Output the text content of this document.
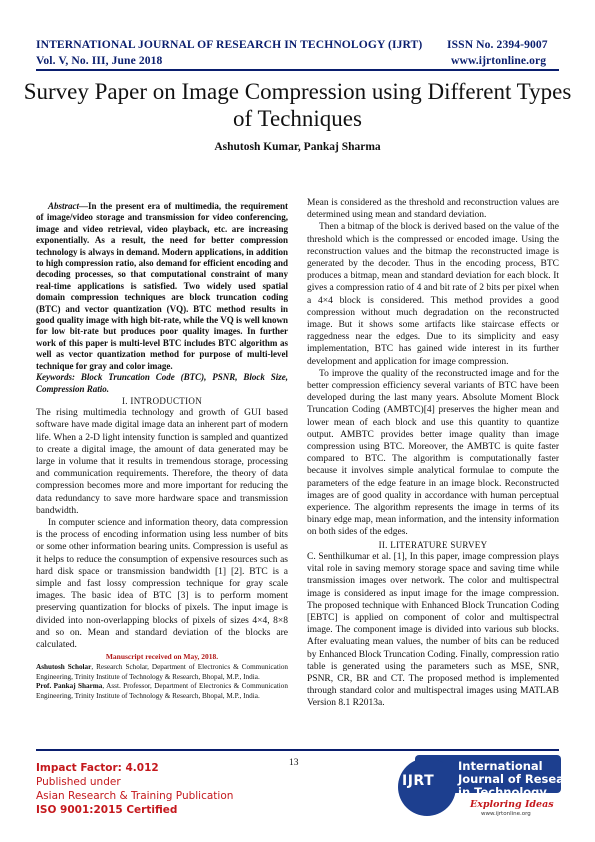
INTERNATIONAL JOURNAL OF RESEARCH IN TECHNOLOGY (IJRT) ISSN No. 2394-9007
Vol. V, No. III, June 2018	www.ijrtonline.org
Survey Paper on Image Compression using Different Types of Techniques
Ashutosh Kumar, Pankaj Sharma

Abstract—In the present era of multimedia, the requirement of image/video storage and transmission for video conferencing, image and video retrieval, video playback, etc. are increasing exponentially. As a result, the need for better compression technology is always in demand. Modern applications, in addition to high compression ratio, also demand for efficient encoding and decoding processes, so that computational constraint of many real-time applications is satisfied. Two widely used spatial domain compression techniques are block truncation coding (BTC) and vector quantization (VQ). BTC method results in good quality image with high bit-rate, while the VQ is well known for low bit-rate but produces poor quality images. In further work of this paper is multi-level BTC includes BTC algorithm as well as vector quantization method for purpose of multi-level technique for gray and color image.

Keywords: Block Truncation Code (BTC), PSNR, Block Size, Compression Ratio.

I. INTRODUCTION

The rising multimedia technology and growth of GUI based software have made digital image data an inherent part of modern life. When a 2-D light intensity function is sampled and quantized to create a digital image, the amount of data generated may be large in volume that it results in tremendous storage, processing and communication requirements. Therefore, the theory of data compression becomes more and more important for reducing the data redundancy to save more hardware space and transmission bandwidth.

In computer science and information theory, data compression is the process of encoding information using less number of bits or some other information bearing units. Compression is useful as it helps to reduce the consumption of expensive resources such as hard disk space or transmission bandwidth [1] [2]. BTC is a simple and fast lossy compression technique for gray scale images. The basic idea of BTC [3] is to perform moment preserving quantization for blocks of pixels. The input image is divided into non-overlapping blocks of pixels of sizes 4×4, 8×8 and so on. Mean and standard deviation of the blocks are calculated.

Manuscript received on May, 2018.

Ashutosh Scholar, Research Scholar, Department of Electronics & Communication Engineering, Trinity Institute of Technology & Research, Bhopal, M.P., India.

Prof. Pankaj Sharma, Asst. Professor, Department of Electronics & Communication Engineering, Trinity Institute of Technology & Research, Bhopal, M.P., India.

Mean is considered as the threshold and reconstruction values are determined using mean and standard deviation.

Then a bitmap of the block is derived based on the value of the threshold which is the compressed or encoded image. Using the reconstruction values and the bitmap the reconstructed image is generated by the decoder. Thus in the encoding process, BTC produces a bitmap, mean and standard deviation for each block. It gives a compression ratio of 4 and bit rate of 2 bits per pixel when a 4×4 block is considered. This method provides a good compression without much degradation on the reconstructed image. But it shows some artifacts like staircase effects or raggedness near the edges. Due to its simplicity and easy implementation, BTC has gained wide interest in its further development and application for image compression.

To improve the quality of the reconstructed image and for the better compression efficiency several variants of BTC have been developed during the last many years. Absolute Moment Block Truncation Coding (AMBTC)[4] preserves the higher mean and lower mean of each block and use this quantity to quantize output. AMBTC provides better image quality than image compression using BTC. Moreover, the AMBTC is quite faster compared to BTC. The algorithm is computationally faster because it involves simple analytical formulae to compute the parameters of the edge feature in an image block. Reconstructed images are of good quality in accordance with human perceptual experience. The algorithm represents the image in terms of its binary edge map, mean information, and the intensity information on both sides of the edges.

II. LITERATURE SURVEY

C. Senthilkumar et al. [1], In this paper, image compression plays vital role in saving memory storage space and saving time while transmission images over network. The color and multispectral image is considered as input image for the image compression. The proposed technique with Enhanced Block Truncation Coding [EBTC] is applied on component of color and multispectral image. The component image is divided into various sub blocks. After evaluating mean values, the number of bits can be reduced by Enhanced Block Truncation Coding. Finally, compression ratio table is generated using the parameters such as MSE, SNR, PSNR, CR, BR and CT. The proposed method is implemented through standard color and multispectral images using MATLAB Version 8.1 R2013a.

Impact Factor: 4.012
Published under
Asian Research & Training Publication
ISO 9001:2015 Certified
13
IJRT
International Journal of Research in Technology
Exploring Ideas
www.ijrtonline.org
